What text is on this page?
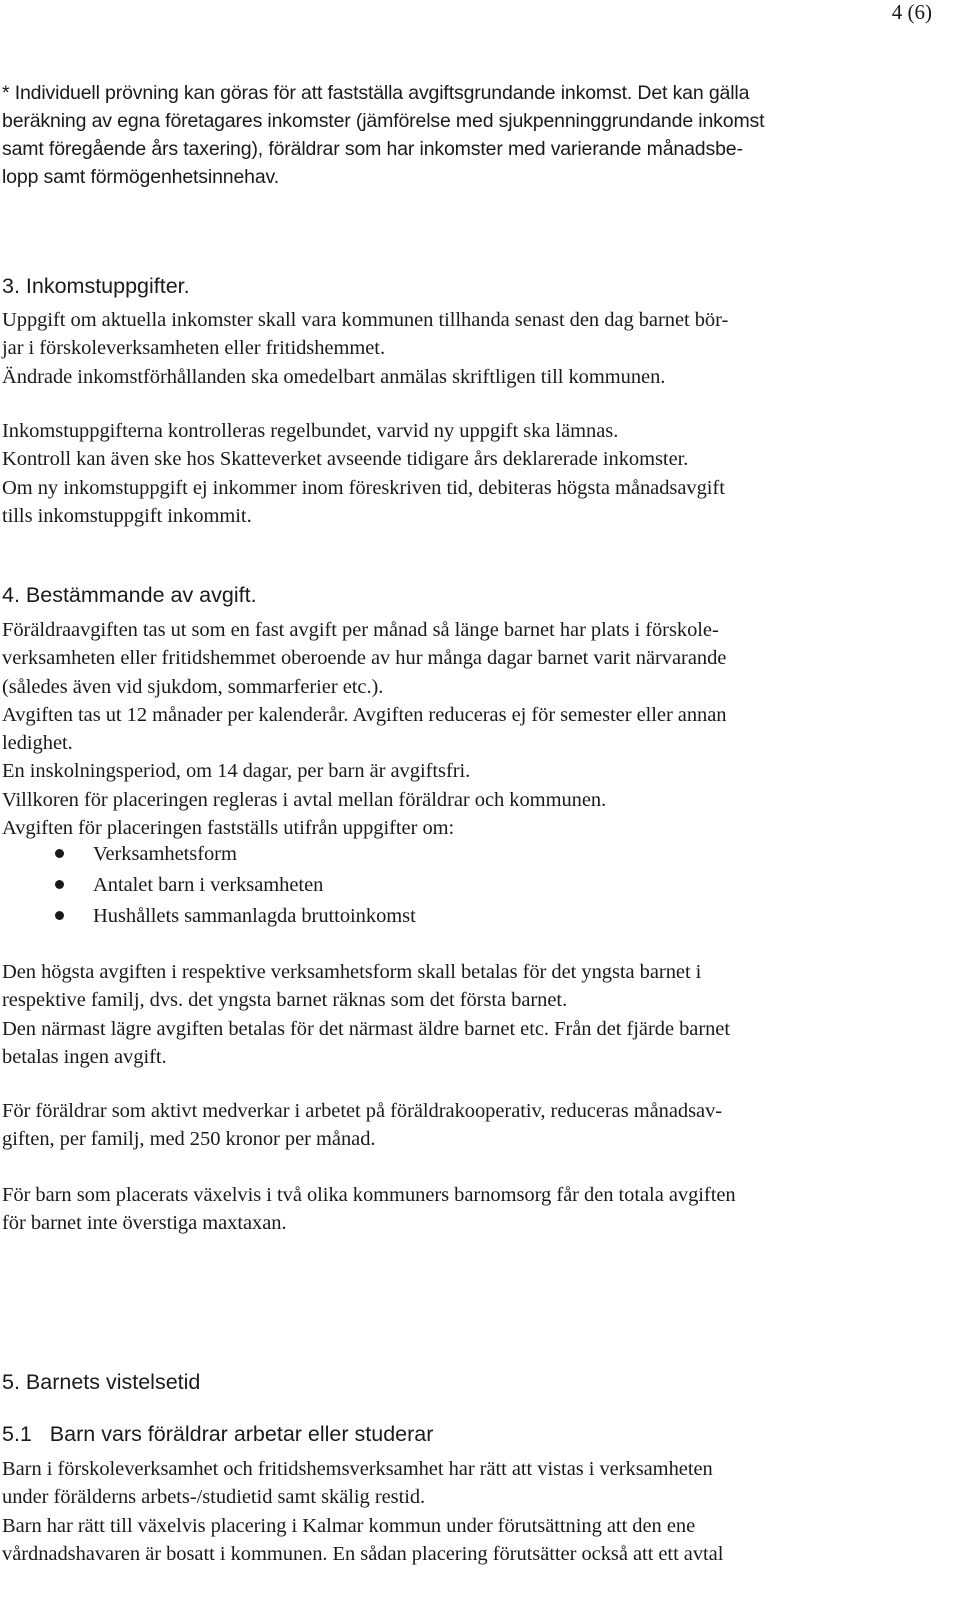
4 (6)
* Individuell prövning kan göras för att fastställa avgiftsgrundande inkomst. Det kan gälla
beräkning av egna företagares inkomster (jämförelse med sjukpenninggrundande inkomst
samt föregående års taxering), föräldrar som har inkomster med varierande månadsbe-
lopp samt förmögenhetsinnehav.
3. Inkomstuppgifter.
Uppgift om aktuella inkomster skall vara kommunen tillhanda senast den dag barnet bör-
jar i förskoleverksamheten eller fritidshemmet.
Ändrade inkomstförhållanden ska omedelbart anmälas skriftligen till kommunen.
Inkomstuppgifterna kontrolleras regelbundet, varvid ny uppgift ska lämnas.
Kontroll kan även ske hos Skatteverket avseende tidigare års deklarerade inkomster.
Om ny inkomstuppgift ej inkommer inom föreskriven tid, debiteras högsta månadsavgift
tills inkomstuppgift inkommit.
4. Bestämmande av avgift.
Föräldraavgiften tas ut som en fast avgift per månad så länge barnet har plats i förskole-
verksamheten eller fritidshemmet oberoende av hur många dagar barnet varit närvarande
(således även vid sjukdom, sommarferier etc.).
Avgiften tas ut 12 månader per kalenderår. Avgiften reduceras ej för semester eller annan
ledighet.
En inskolningsperiod, om 14 dagar, per barn är avgiftsfri.
Villkoren för placeringen regleras i avtal mellan föräldrar och kommunen.
Avgiften för placeringen fastställs utifrån uppgifter om:
Verksamhetsform
Antalet barn i verksamheten
Hushållets sammanlagda bruttoinkomst
Den högsta avgiften i respektive verksamhetsform skall betalas för det yngsta barnet i
respektive familj, dvs. det yngsta barnet räknas som det första barnet.
Den närmast lägre avgiften betalas för det närmast äldre barnet etc. Från det fjärde barnet
betalas ingen avgift.
För föräldrar som aktivt medverkar i arbetet på föräldrakooperativ, reduceras månadsav-
giften, per familj, med 250 kronor per månad.
För barn som placerats växelvis i två olika kommuners barnomsorg får den totala avgiften
för barnet inte överstiga maxtaxan.
5. Barnets vistelsetid
5.1   Barn vars föräldrar arbetar eller studerar
Barn i förskoleverksamhet och fritidshemsverksamhet har rätt att vistas i verksamheten
under förälderns arbets-/studietid samt skälig restid.
Barn har rätt till växelvis placering i Kalmar kommun under förutsättning att den ene
vårdnadshavaren är bosatt i kommunen. En sådan placering förutsätter också att ett avtal
